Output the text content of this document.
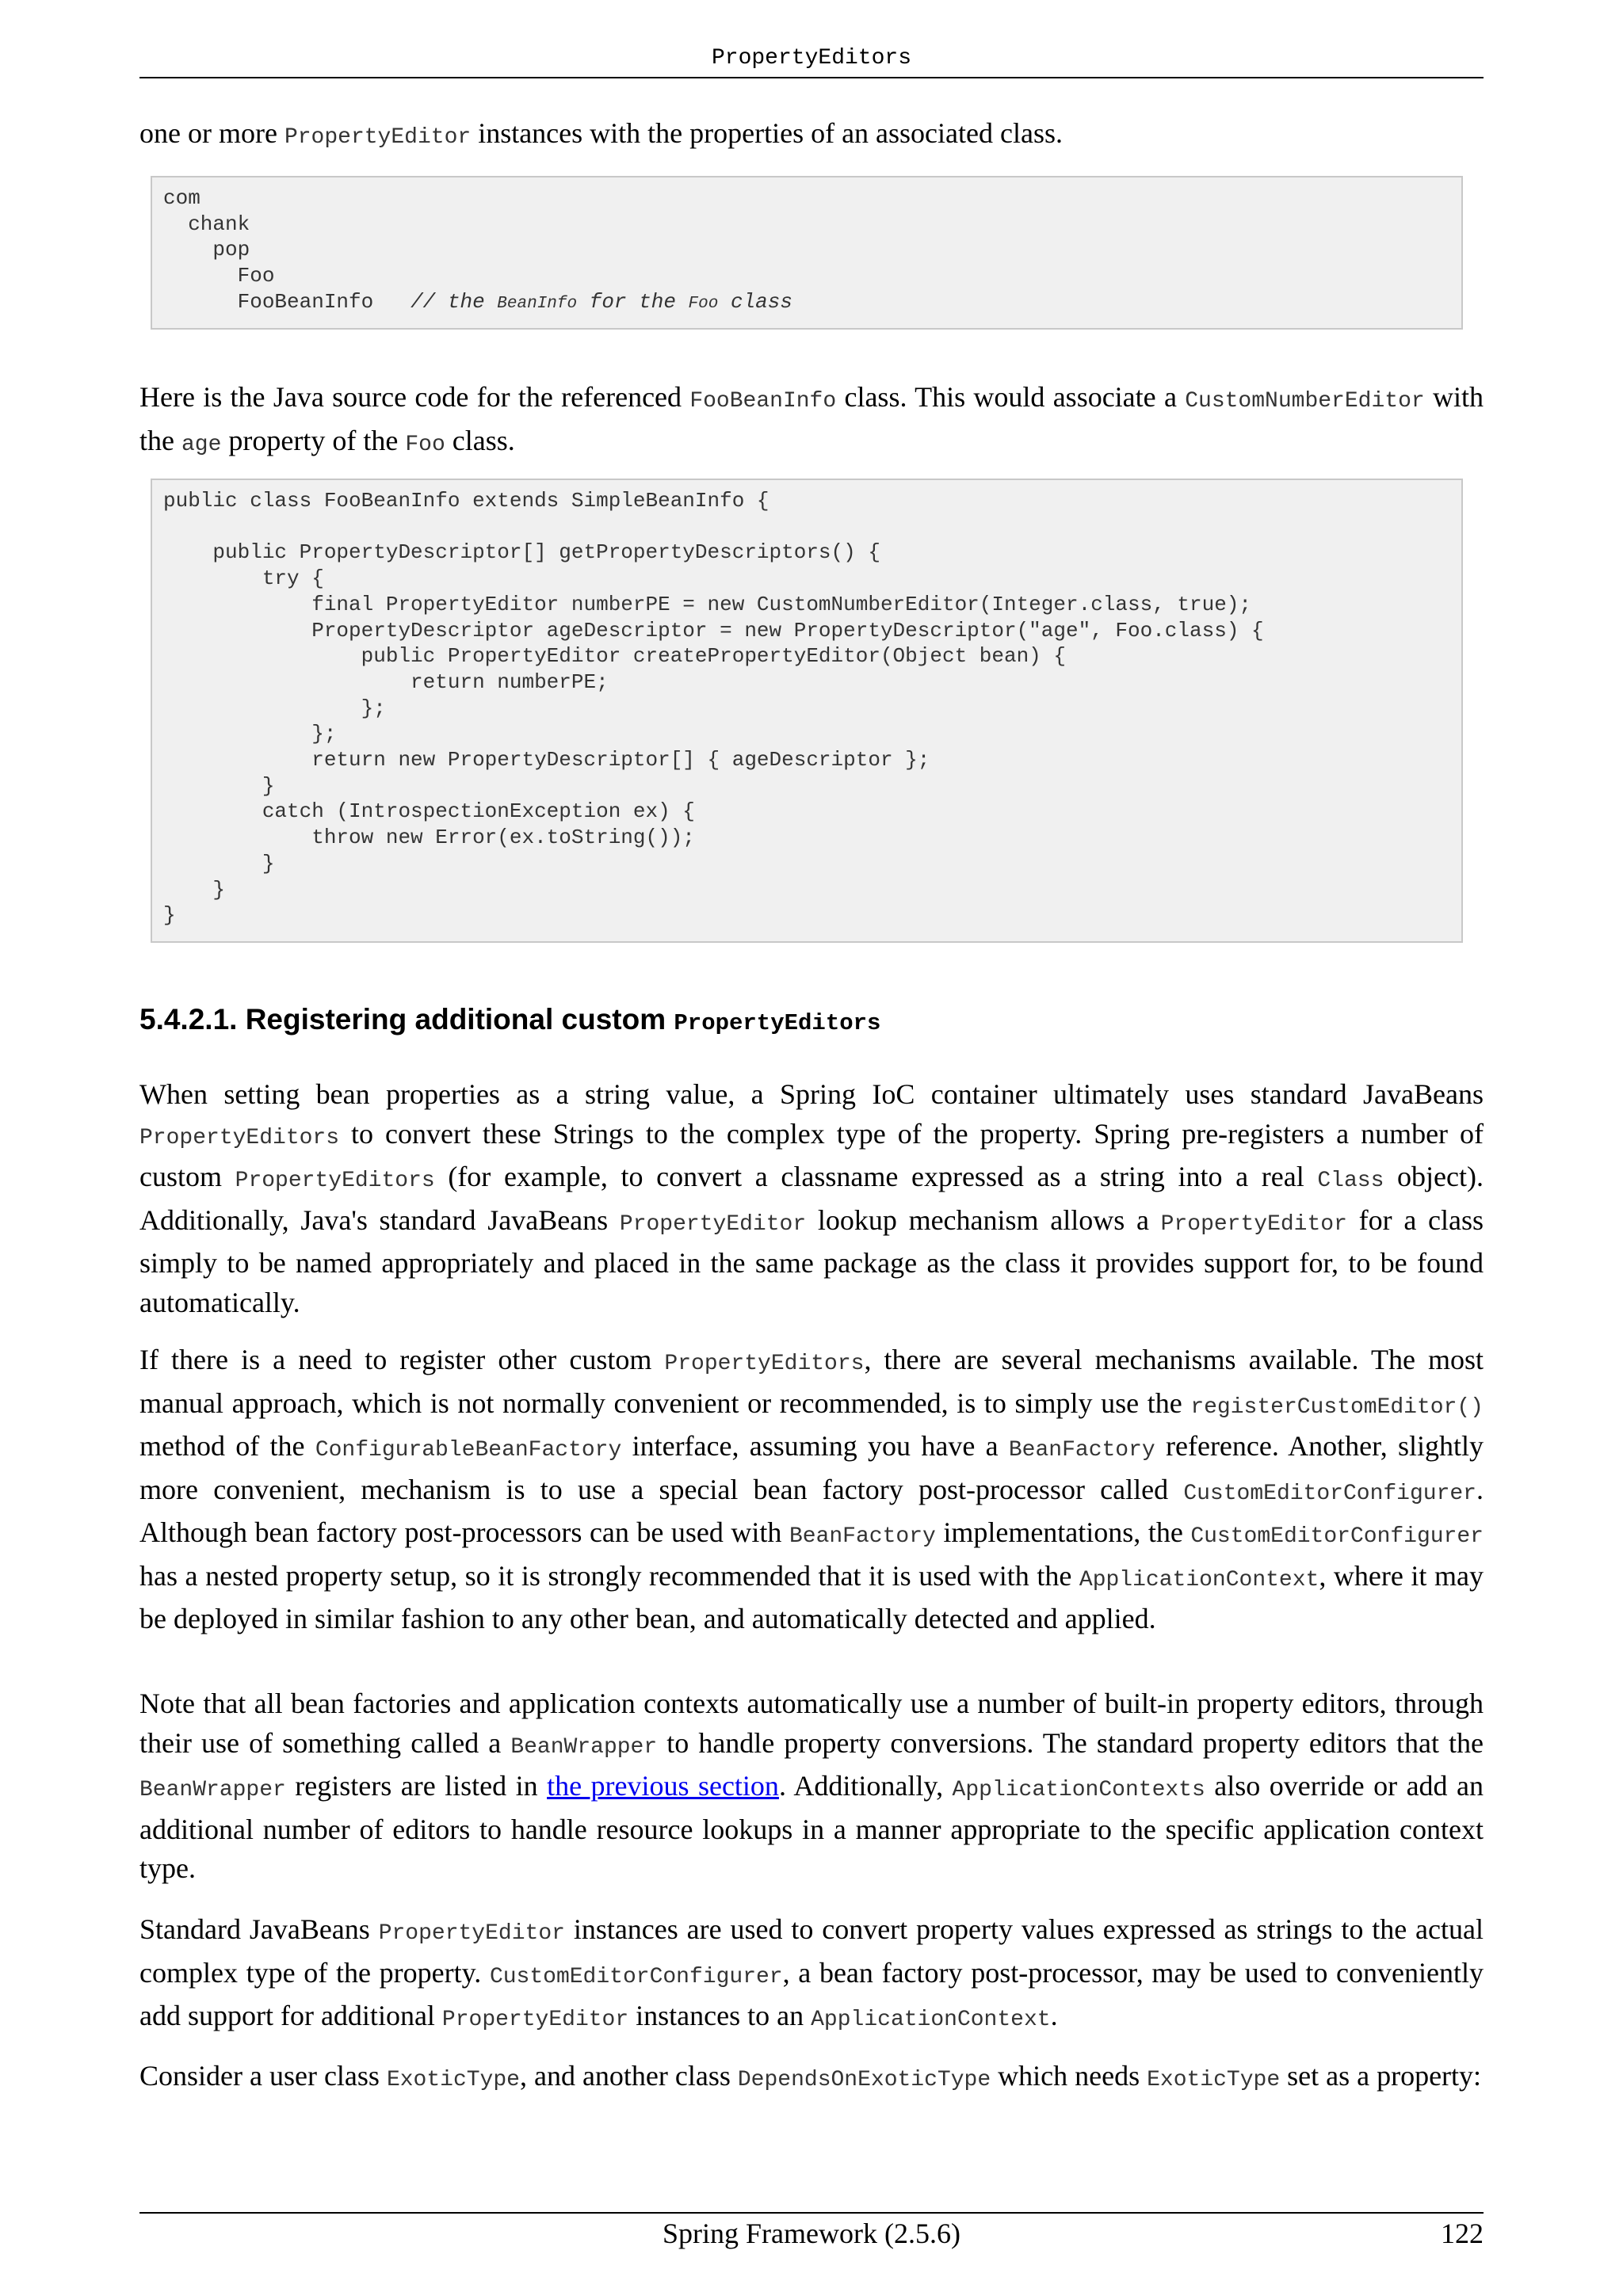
PropertyEditors

one or more PropertyEditor instances with the properties of an associated class.

com
chank
pop
Foo
FooBeanInfo   // the BeanInfo for the Foo class

Here is the Java source code for the referenced FooBeanInfo class. This would associate a CustomNumberEditor with the age property of the Foo class.

public class FooBeanInfo extends SimpleBeanInfo {

public PropertyDescriptor[] getPropertyDescriptors() {
try {
final PropertyEditor numberPE = new CustomNumberEditor(Integer.class, true);
PropertyDescriptor ageDescriptor = new PropertyDescriptor("age", Foo.class) {
public PropertyEditor createPropertyEditor(Object bean) {
return numberPE;
};
};
return new PropertyDescriptor[] { ageDescriptor };
}
catch (IntrospectionException ex) {
throw new Error(ex.toString());
}
}
}
5.4.2.1. Registering additional custom PropertyEditors

When setting bean properties as a string value, a Spring IoC container ultimately uses standard JavaBeans PropertyEditors to convert these Strings to the complex type of the property. Spring pre-registers a number of custom PropertyEditors (for example, to convert a classname expressed as a string into a real Class object). Additionally, Java's standard JavaBeans PropertyEditor lookup mechanism allows a PropertyEditor for a class simply to be named appropriately and placed in the same package as the class it provides support for, to be found automatically.

If there is a need to register other custom PropertyEditors, there are several mechanisms available. The most manual approach, which is not normally convenient or recommended, is to simply use the registerCustomEditor() method of the ConfigurableBeanFactory interface, assuming you have a BeanFactory reference. Another, slightly more convenient, mechanism is to use a special bean factory post-processor called CustomEditorConfigurer. Although bean factory post-processors can be used with BeanFactory implementations, the CustomEditorConfigurer has a nested property setup, so it is strongly recommended that it is used with the ApplicationContext, where it may be deployed in similar fashion to any other bean, and automatically detected and applied.

Note that all bean factories and application contexts automatically use a number of built-in property editors, through their use of something called a BeanWrapper to handle property conversions. The standard property editors that the BeanWrapper registers are listed in the previous section. Additionally, ApplicationContexts also override or add an additional number of editors to handle resource lookups in a manner appropriate to the specific application context type.

Standard JavaBeans PropertyEditor instances are used to convert property values expressed as strings to the actual complex type of the property. CustomEditorConfigurer, a bean factory post-processor, may be used to conveniently add support for additional PropertyEditor instances to an ApplicationContext.

Consider a user class ExoticType, and another class DependsOnExoticType which needs ExoticType set as a property:

Spring Framework (2.5.6)	122
